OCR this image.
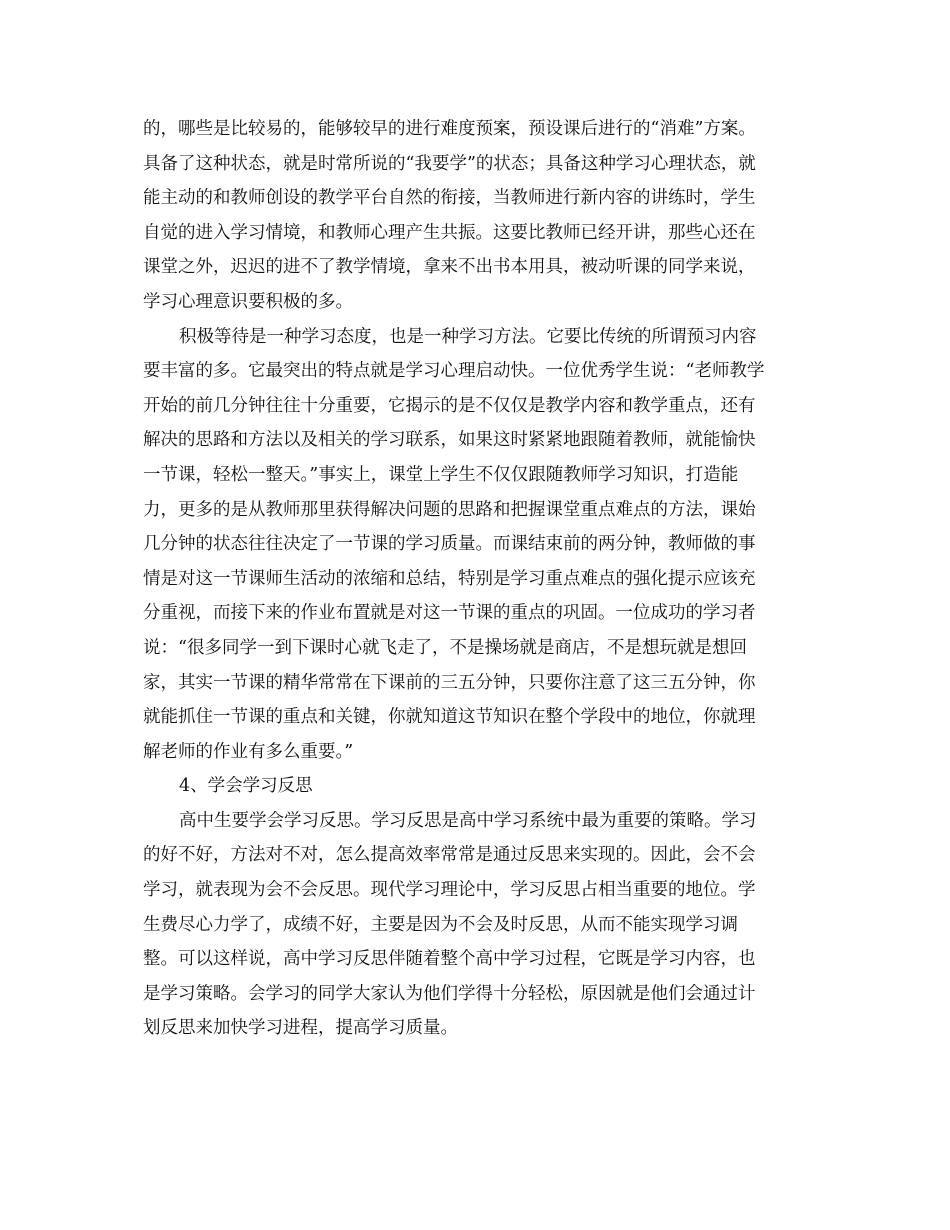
的，哪些是比较易的，能够较早的进行难度预案，预设课后进行的“消难”方案。
具备了这种状态，就是时常所说的“我要学”的状态；具备这种学习心理状态，就
能主动的和教师创设的教学平台自然的衔接，当教师进行新内容的讲练时，学生
自觉的进入学习情境，和教师心理产生共振。这要比教师已经开讲，那些心还在
课堂之外，迟迟的进不了教学情境，拿来不出书本用具，被动听课的同学来说，
学习心理意识要积极的多。
积极等待是一种学习态度，也是一种学习方法。它要比传统的所谓预习内容
要丰富的多。它最突出的特点就是学习心理启动快。一位优秀学生说：“老师教学
开始的前几分钟往往十分重要，它揭示的是不仅仅是教学内容和教学重点，还有
解决的思路和方法以及相关的学习联系，如果这时紧紧地跟随着教师，就能愉快
一节课，轻松一整天。”事实上，课堂上学生不仅仅跟随教师学习知识，打造能
力，更多的是从教师那里获得解决问题的思路和把握课堂重点难点的方法，课始
几分钟的状态往往决定了一节课的学习质量。而课结束前的两分钟，教师做的事
情是对这一节课师生活动的浓缩和总结，特别是学习重点难点的强化提示应该充
分重视，而接下来的作业布置就是对这一节课的重点的巩固。一位成功的学习者
说：“很多同学一到下课时心就飞走了，不是操场就是商店，不是想玩就是想回
家，其实一节课的精华常常在下课前的三五分钟，只要你注意了这三五分钟，你
就能抓住一节课的重点和关键，你就知道这节知识在整个学段中的地位，你就理
解老师的作业有多么重要。”
4、学会学习反思
高中生要学会学习反思。学习反思是高中学习系统中最为重要的策略。学习
的好不好，方法对不对，怎么提高效率常常是通过反思来实现的。因此，会不会
学习，就表现为会不会反思。现代学习理论中，学习反思占相当重要的地位。学
生费尽心力学了，成绩不好，主要是因为不会及时反思，从而不能实现学习调
整。可以这样说，高中学习反思伴随着整个高中学习过程，它既是学习内容，也
是学习策略。会学习的同学大家认为他们学得十分轻松，原因就是他们会通过计
划反思来加快学习进程，提高学习质量。
